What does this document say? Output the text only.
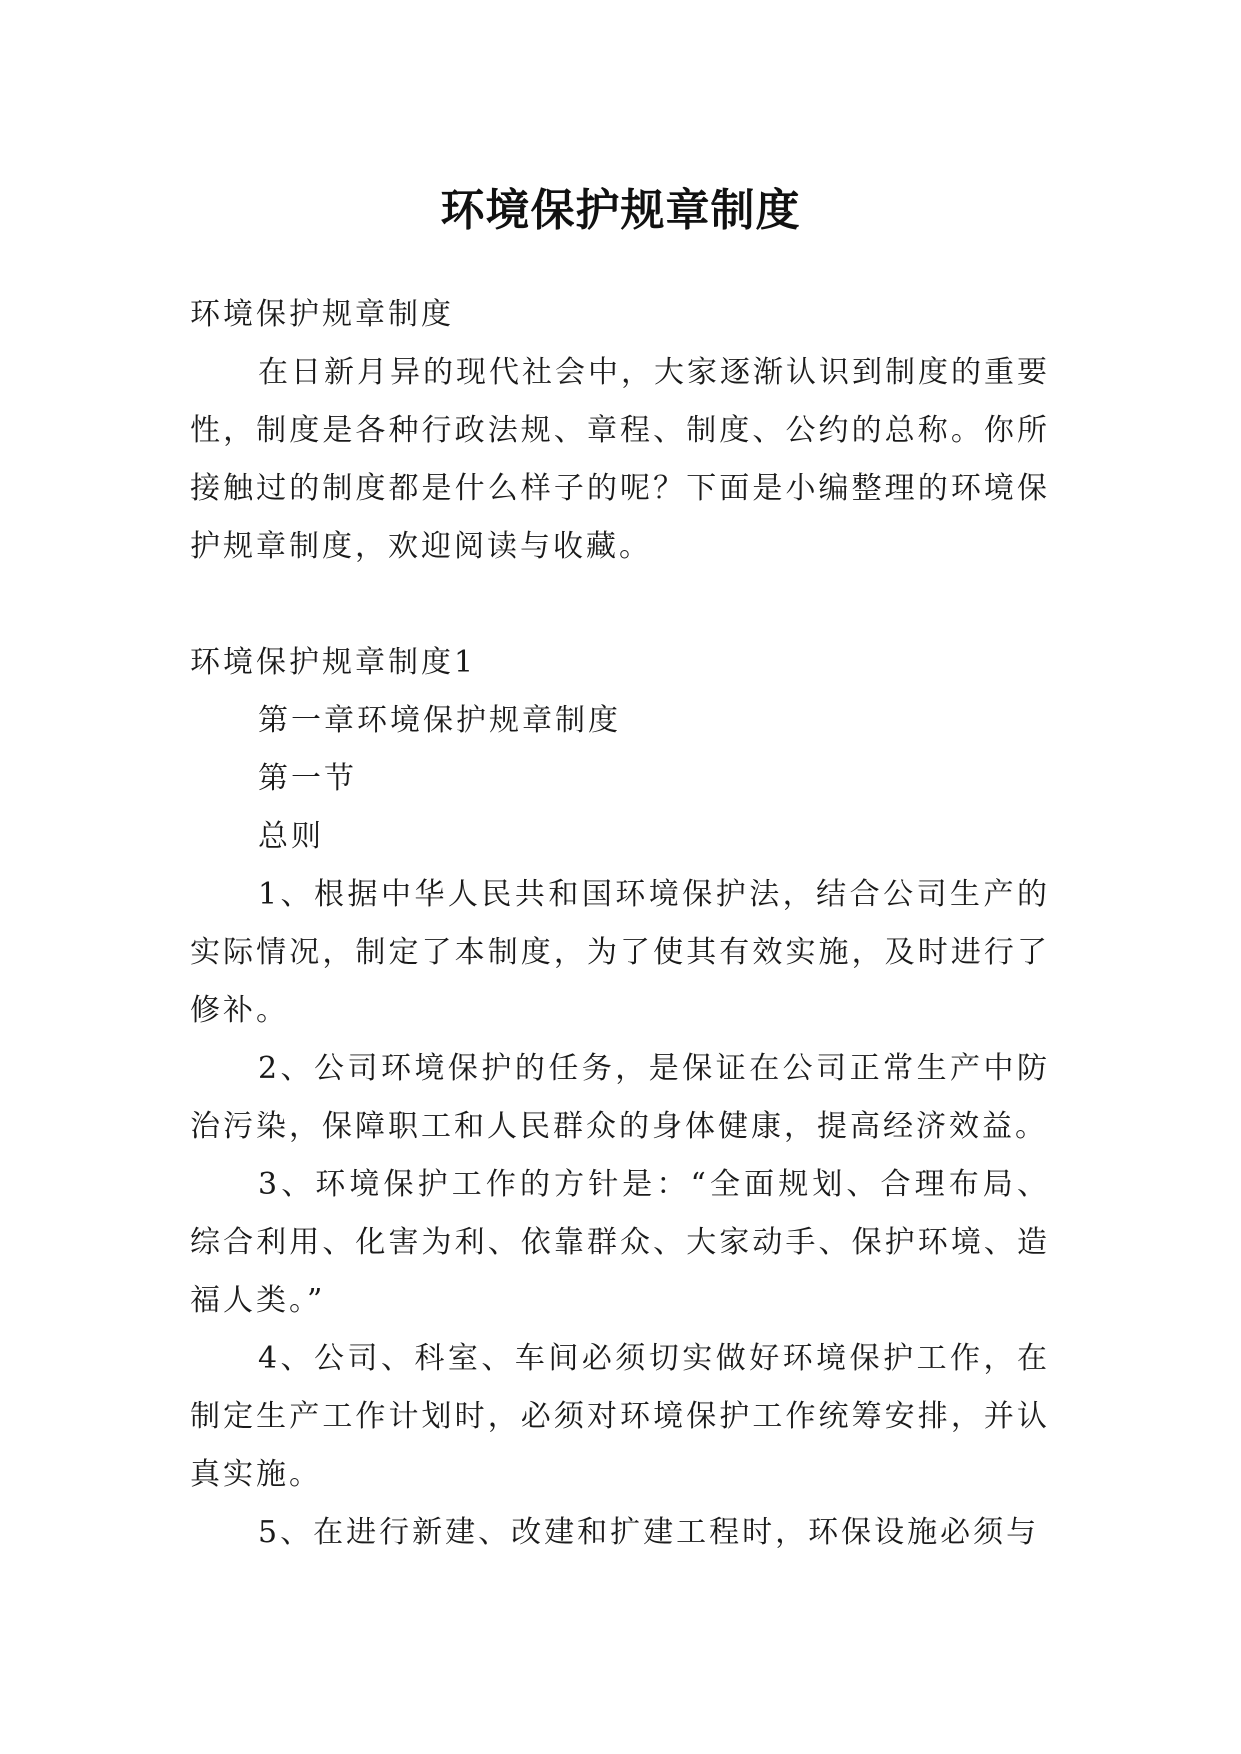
环境保护规章制度

环境保护规章制度

在日新月异的现代社会中，大家逐渐认识到制度的重要性，制度是各种行政法规、章程、制度、公约的总称。你所接触过的制度都是什么样子的呢？下面是小编整理的环境保护规章制度，欢迎阅读与收藏。

环境保护规章制度1

第一章环境保护规章制度

第一节

总则

1、根据中华人民共和国环境保护法，结合公司生产的实际情况，制定了本制度，为了使其有效实施，及时进行了修补。

2、公司环境保护的任务，是保证在公司正常生产中防治污染，保障职工和人民群众的身体健康，提高经济效益。

3、环境保护工作的方针是：“全面规划、合理布局、综合利用、化害为利、依靠群众、大家动手、保护环境、造福人类。”

4、公司、科室、车间必须切实做好环境保护工作，在制定生产工作计划时，必须对环境保护工作统筹安排，并认真实施。

5、在进行新建、改建和扩建工程时，环保设施必须与
